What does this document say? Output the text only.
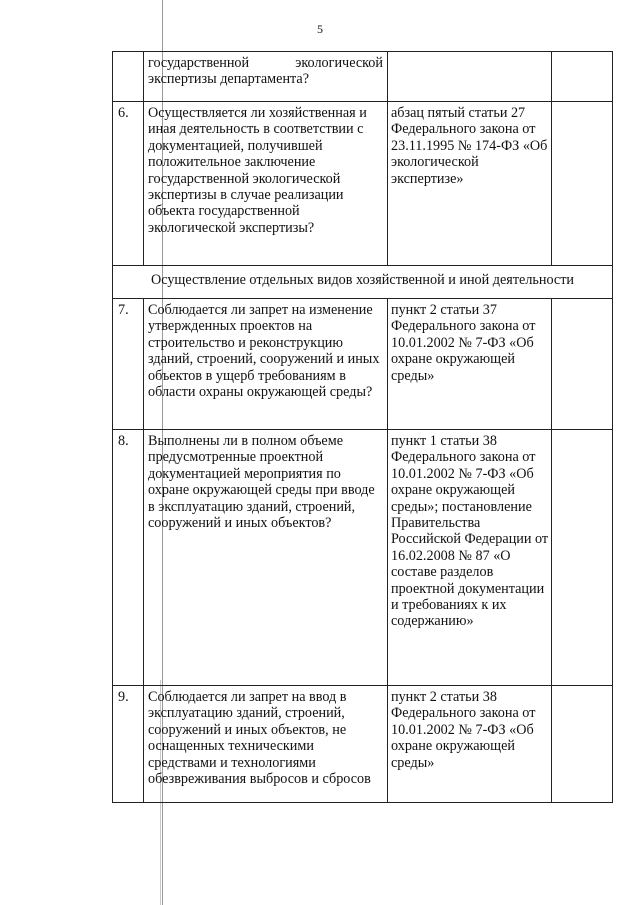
5
	государственной экологической экспертизы департамента?		
6.	Осуществляется ли хозяйственная и иная деятельность в соответствии с документацией, получившей положительное заключение государственной экологической экспертизы в случае реализации объекта государственной экологической экспертизы?	абзац пятый статьи 27 Федерального закона от 23.11.1995 № 174-ФЗ «Об экологической экспертизе»	
Осуществление отдельных видов хозяйственной и иной деятельности			
7.	Соблюдается ли запрет на изменение утвержденных проектов на строительство и реконструкцию зданий, строений, сооружений и иных объектов в ущерб требованиям в области охраны окружающей среды?	пункт 2 статьи 37 Федерального закона от 10.01.2002 № 7-ФЗ «Об охране окружающей среды»	
8.	Выполнены ли в полном объеме предусмотренные проектной документацией мероприятия по охране окружающей среды при вводе в эксплуатацию зданий, строений, сооружений и иных объектов?	пункт 1 статьи 38 Федерального закона от 10.01.2002 № 7-ФЗ «Об охране окружающей среды»; постановление Правительства Российской Федерации от 16.02.2008 № 87 «О составе разделов проектной документации и требованиях к их содержанию»	
9.	Соблюдается ли запрет на ввод в эксплуатацию зданий, строений, сооружений и иных объектов, не оснащенных техническими средствами и технологиями обезвреживания выбросов и сбросов	пункт 2 статьи 38 Федерального закона от 10.01.2002 № 7-ФЗ «Об охране окружающей среды»	
